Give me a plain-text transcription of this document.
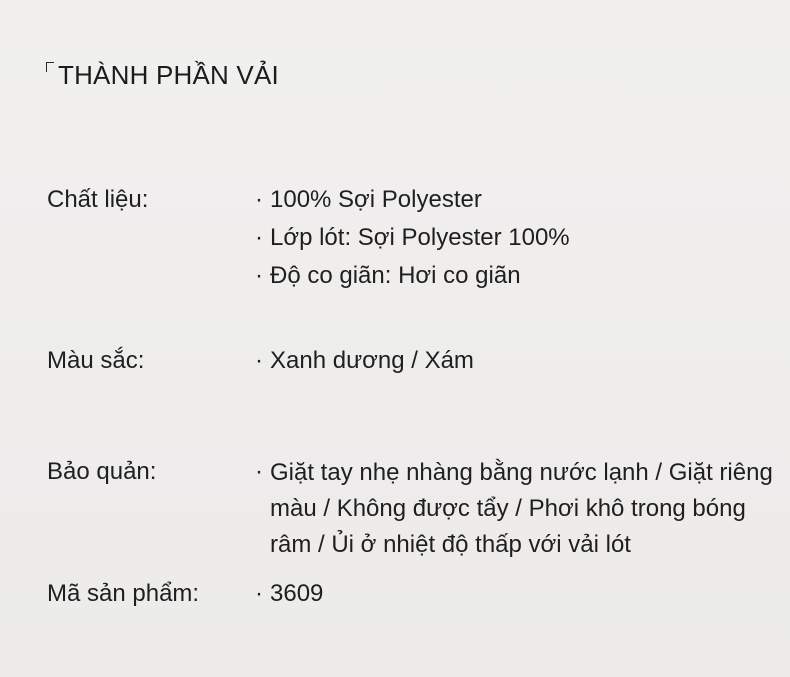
THÀNH PHẦN VẢI
Chất liệu:	· 100% Sợi Polyester
· Lớp lót: Sợi Polyester 100%
· Độ co giãn: Hơi co giãn
Màu sắc:	· Xanh dương / Xám
Bảo quản:	· Giặt tay nhẹ nhàng bằng nước lạnh / Giặt riêng màu / Không được tẩy / Phơi khô trong bóng râm / Ủi ở nhiệt độ thấp với vải lót
Mã sản phẩm: · 3609
